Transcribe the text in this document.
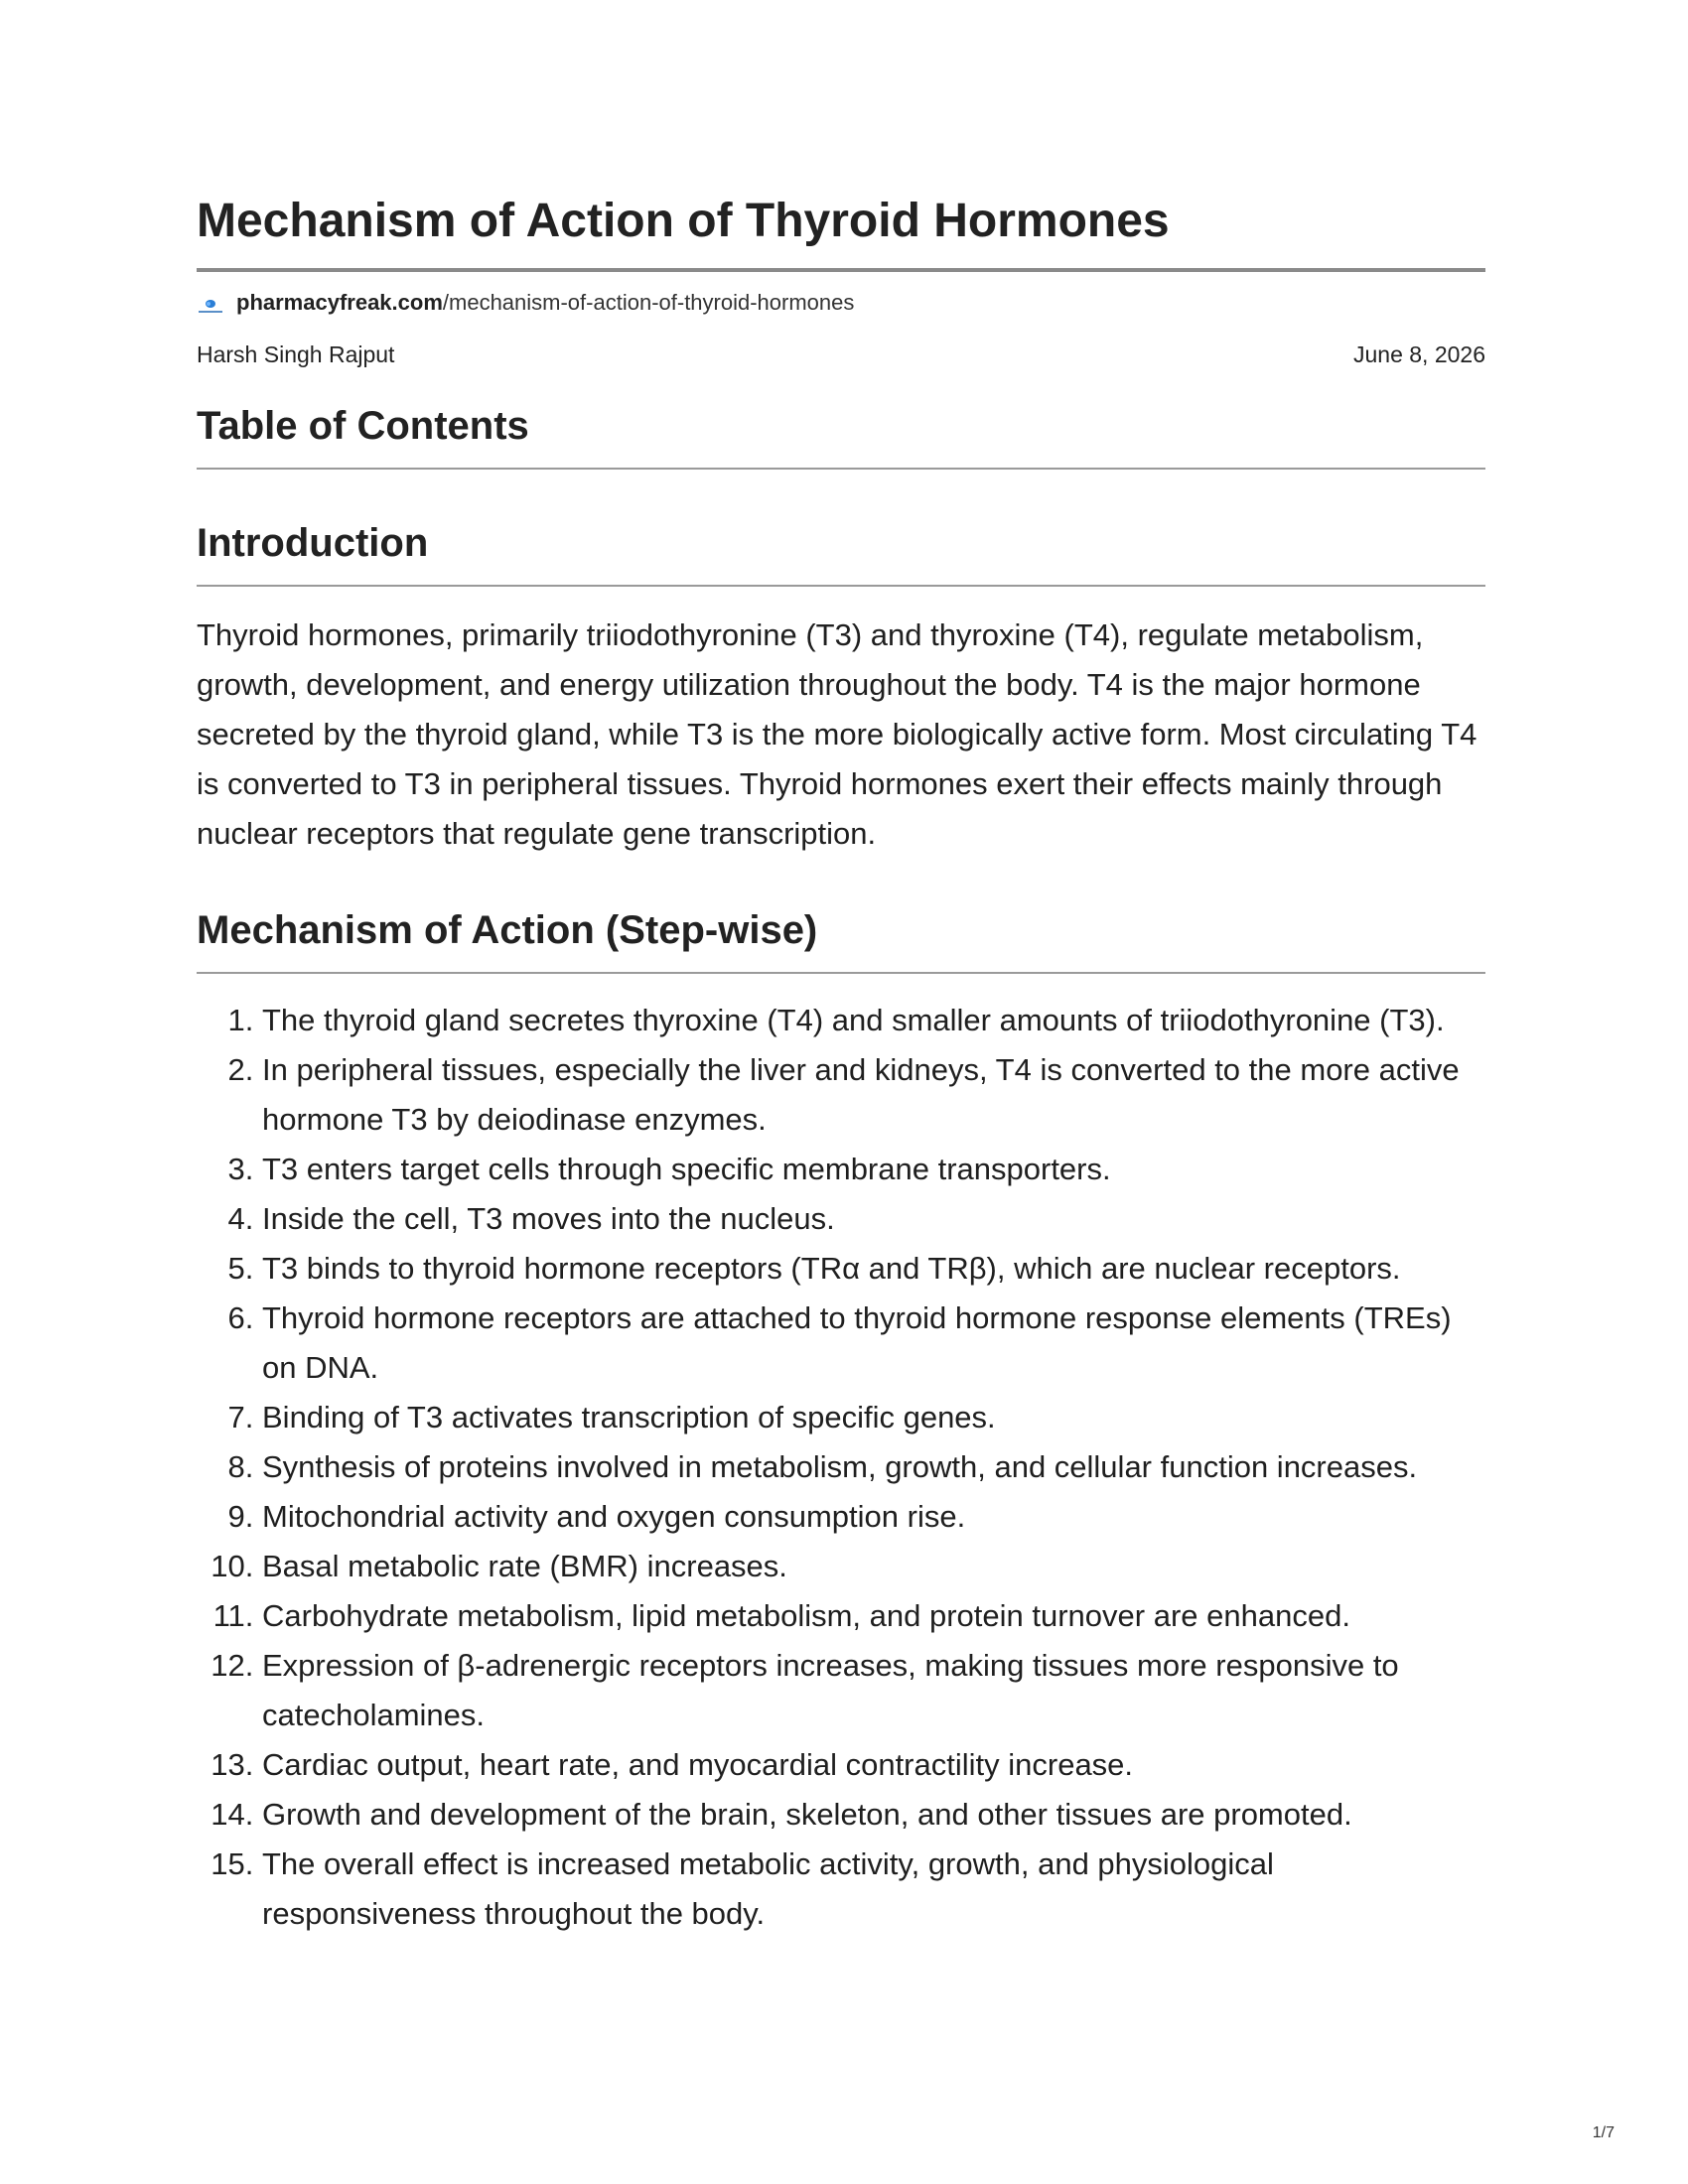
Mechanism of Action of Thyroid Hormones
pharmacyfreak.com /mechanism-of-action-of-thyroid-hormones
Harsh Singh Rajput	June 8, 2026
Table of Contents
Introduction

Thyroid hormones, primarily triiodothyronine (T3) and thyroxine (T4), regulate metabolism, growth, development, and energy utilization throughout the body. T4 is the major hormone secreted by the thyroid gland, while T3 is the more biologically active form. Most circulating T4 is converted to T3 in peripheral tissues. Thyroid hormones exert their effects mainly through nuclear receptors that regulate gene transcription.

Mechanism of Action (Step-wise)
1. The thyroid gland secretes thyroxine (T4) and smaller amounts of triiodothyronine (T3).
2. In peripheral tissues, especially the liver and kidneys, T4 is converted to the more active hormone T3 by deiodinase enzymes.
3. T3 enters target cells through specific membrane transporters.
4. Inside the cell, T3 moves into the nucleus.
5. T3 binds to thyroid hormone receptors (TRα and TRβ), which are nuclear receptors.
6. Thyroid hormone receptors are attached to thyroid hormone response elements (TREs) on DNA.
7. Binding of T3 activates transcription of specific genes.
8. Synthesis of proteins involved in metabolism, growth, and cellular function increases.
9. Mitochondrial activity and oxygen consumption rise.
10. Basal metabolic rate (BMR) increases.
11. Carbohydrate metabolism, lipid metabolism, and protein turnover are enhanced.
12. Expression of β-adrenergic receptors increases, making tissues more responsive to catecholamines.
13. Cardiac output, heart rate, and myocardial contractility increase.
14. Growth and development of the brain, skeleton, and other tissues are promoted.
15. The overall effect is increased metabolic activity, growth, and physiological responsiveness throughout the body.
1/7
